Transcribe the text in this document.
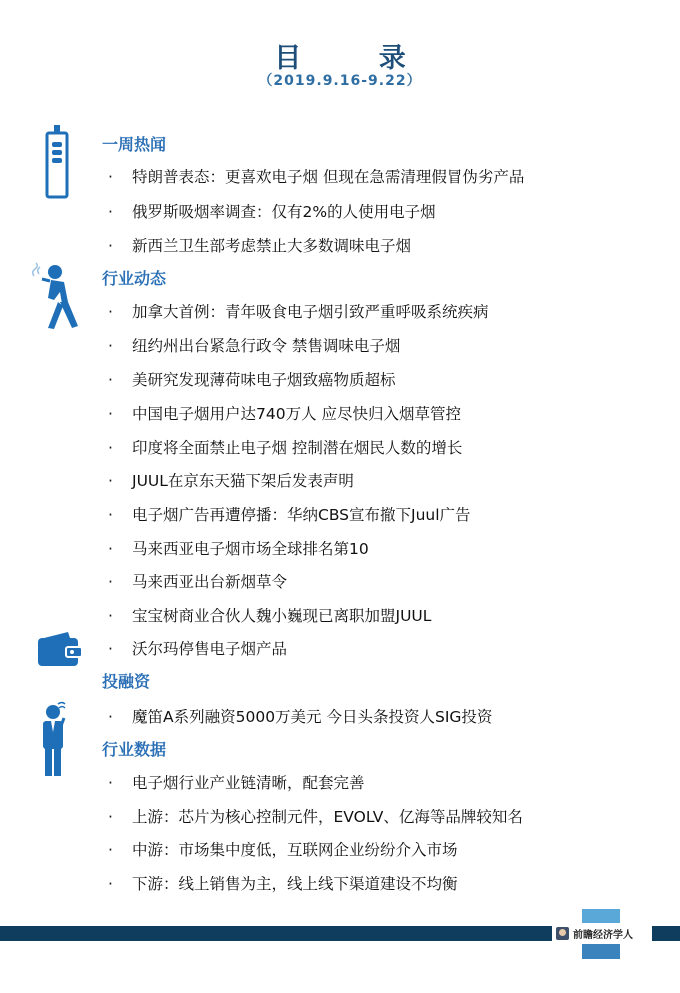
目 录
（2019.9.16-9.22）
一周热闻
· 特朗普表态：更喜欢电子烟 但现在急需清理假冒伪劣产品
· 俄罗斯吸烟率调查：仅有2%的人使用电子烟
· 新西兰卫生部考虑禁止大多数调味电子烟
行业动态
· 加拿大首例：青年吸食电子烟引致严重呼吸系统疾病
· 纽约州出台紧急行政令 禁售调味电子烟
· 美研究发现薄荷味电子烟致癌物质超标
· 中国电子烟用户达740万人 应尽快归入烟草管控
· 印度将全面禁止电子烟 控制潜在烟民人数的增长
· JUUL在京东天猫下架后发表声明
· 电子烟广告再遭停播：华纳CBS宣布撤下Juul广告
· 马来西亚电子烟市场全球排名第10
· 马来西亚出台新烟草令
· 宝宝树商业合伙人魏小巍现已离职加盟JUUL
· 沃尔玛停售电子烟产品
投融资
· 魔笛A系列融资5000万美元 今日头条投资人SIG投资
行业数据
· 电子烟行业产业链清晰，配套完善
· 上游：芯片为核心控制元件，EVOLV、亿海等品牌较知名
· 中游：市场集中度低，互联网企业纷纷介入市场
· 下游：线上销售为主，线上线下渠道建设不均衡
前瞻经济学人
